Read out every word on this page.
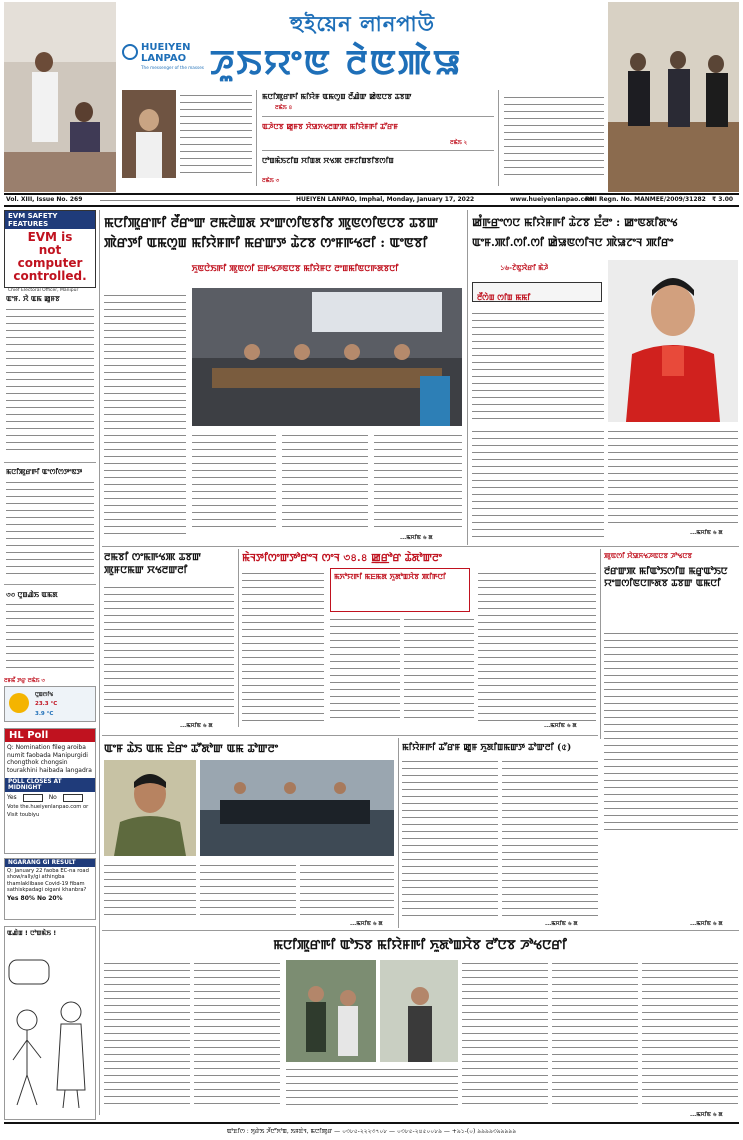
HUEIYEN
LANPAO
The messenger of the masses
হুইয়েন লানপাউ
ꯍꯨꯏꯌꯦꯟ ꯂꯥꯟꯄꯥꯎ
ꯃꯅꯤꯄꯨꯔꯒꯤ ꯃꯤꯌꯥꯝ ꯑꯃꯁꯨꯡ ꯂꯩꯉꯥꯛ ꯀꯥꯟꯅꯕ ꯊꯕꯛ
ꯂꯃꯥꯏ ৪
ꯑꯍꯥꯅꯕ ꯀꯨꯝꯕ ꯆꯥꯎꯈꯠꯂꯛꯄ ꯃꯤꯌꯥꯝꯒꯤ ꯊꯧꯔꯝ
ꯂꯃꯥꯏ ২
ꯅꯣꯡꯃꯥꯏꯖꯤꯡ ꯆꯤꯡꯗ ꯆꯠꯄ ꯂꯝꯖꯤꯡꯕꯤꯕꯁꯤꯡ
ꯂꯃꯥꯏ ৩
Vol. XIII, Issue No. 269	HUEIYEN LANPAO, Imphal, Monday, January 17, 2022	www.hueiyenlanpao.com
RNI Regn. No. MANMEE/2009/31282 ₹ 3.00
EVM SAFETY FEATURES
EVM is
not computer
controlled.
Chief Electoral Officer, Manipur
ꯑꯦꯝ. ꯆꯥ ꯑꯃ ꯀꯨꯝꯕ
ꯃꯅꯤꯄꯨꯔꯒꯤ ꯑꯦꯁꯤꯁꯇꯦꯟꯇ
৩৩ ꯅꯨꯡꯉꯥꯏ ꯑꯃꯗ
ꯂꯝꯃꯩ ꯇꯔꯨ ꯂꯃꯥꯏ ৩
ꯅꯨꯡꯁꯤꯠ
23.3 °C
3.9 °C
HL Poll
Q: Nomination fileg aroiba numit faobada Manipurgidi chongthok chongsin tourakhini haibada langadra
POLL CLOSES AT MIDNIGHT
Yes	No
Vote the.hueiyenlanpao.com or Visit toubiyu
NGARANG GI RESULT
Q: January 22 faoba EC-na road show/rally/gi athingba thamlaklibase Covid-19 fibam sathiskpadagi oigani khanbra?
Yes 80% No 20%
ꯑꯉꯥꯡ ! ꯅꯣꯡꯃꯥꯏ !
ꯃꯅꯤꯄꯨꯔꯒꯤ ꯂꯩꯔꯦꯛ ꯂꯃꯂꯥꯡꯗ ꯆꯦꯛꯁꯤꯟꯕꯤꯕ ꯄꯨꯟꯁꯤꯟꯅꯕ ꯊꯕꯛ
ꯄꯥꯔꯇꯤ ꯑꯃꯁꯨꯡ ꯃꯤꯌꯥꯝꯒꯤ ꯃꯔꯛꯇ ꯊꯥꯖꯕ ꯁꯦꯝꯒꯠꯂꯤ : ꯑꯦꯟꯕꯤ
ꯈꯨꯟꯅꯥꯏꯒꯤ ꯄꯨꯟꯁꯤ ꯐꯒꯠꯍꯟꯅꯕ ꯃꯤꯌꯥꯝꯅ ꯂꯦꯡꯃꯤꯟꯅꯒꯗꯕꯅꯤ
...ꯃꯆꯤꯟ ৬ ꯗ
ꯀꯪꯒ꯭ꯔꯦꯁꯅ ꯃꯤꯌꯥꯝꯒꯤ ꯊꯥꯖꯕ ꯐꯪꯂꯦ : ꯀꯦꯟꯗꯤꯗꯦꯠ
ꯑꯦꯝ.ꯄꯤ.ꯁꯤ.ꯁꯤ ꯀꯥꯎꯟꯁꯤꯜꯅ ꯄꯥꯎꯖꯦꯜ ꯄꯤꯔꯦ
১৬-ꯖꯥꯟꯨꯋꯥꯔꯤ ꯃꯥꯍꯥ
ꯂꯩꯁꯥꯡ ꯁꯤꯡ ꯃꯃꯤ
...ꯃꯆꯤꯟ ৬ ꯗ
ꯂꯃꯕꯤ ꯁꯦꯃꯒꯠꯄ ꯊꯕꯛ ꯄꯨꯝꯅꯃꯛ ꯆꯠꯂꯛꯂꯤ
...ꯃꯆꯤꯟ ৬ ꯗ
ꯃꯥꯜꯇꯤꯁꯦꯛꯇꯣꯔꯦꯜ ꯁꯦꯜ ৩৪.৪ ꯀ꯭ꯔꯣꯔ ꯊꯥꯗꯣꯛꯂꯦ
ꯃꯈꯣꯌꯒꯤ ꯃꯐꯃꯗ ꯈꯨꯗꯣꯡꯆꯥꯕ ꯄꯤꯒꯅꯤ
...ꯃꯆꯤꯟ ৬ ꯗ
ꯄꯨꯟꯁꯤ ꯆꯥꯎꯈꯠꯍꯟꯅꯕ ꯍꯣꯠꯅꯕ
ꯂꯩꯔꯛꯄ ꯃꯤꯑꯣꯏꯁꯤꯡ ꯃꯔꯨꯑꯣꯏꯅ ꯌꯦꯡꯁꯤꯟꯅꯒꯗꯕ ꯊꯕꯛ ꯑꯃꯅꯤ
ꯑꯦꯝ ꯊꯥꯏ ꯑꯃ ꯐꯥꯔꯦ ꯊꯧꯗꯣꯛ ꯑꯃ ꯊꯣꯛꯂꯦ
...ꯃꯆꯤꯟ ৬ ꯗ
ꯃꯤꯌꯥꯝꯒꯤ ꯊꯧꯔꯝ ꯀꯨꯝ ꯈꯨꯗꯤꯡꯃꯛꯇ ꯊꯣꯛꯂꯤ (৫)
...ꯃꯆꯤꯟ ৬ ꯗ	...ꯃꯆꯤꯟ ৬ ꯗ
ꯃꯅꯤꯄꯨꯔꯒꯤ ꯑꯣꯏꯕ ꯃꯤꯌꯥꯝꯒꯤ ꯈꯨꯗꯣꯡꯆꯥꯕ ꯂꯧꯅꯕ ꯍꯣꯠꯅꯔꯤ
...ꯃꯆꯤꯟ ৬ ꯗ
ꯑꯣꯐꯤꯁ : ꯈꯨꯔꯥꯏ ꯍꯩꯅꯧꯈꯣꯡ, ꯏꯝꯐꯥꯜ, ꯃꯅꯤꯄꯨꯔ — ০৩৮৫-২২২৩৭০৮ — ০৩৮৫-২৪৫০০৮৯ — +৯১-(০) ৯৯৯৯৩৯৯৯৯৯
